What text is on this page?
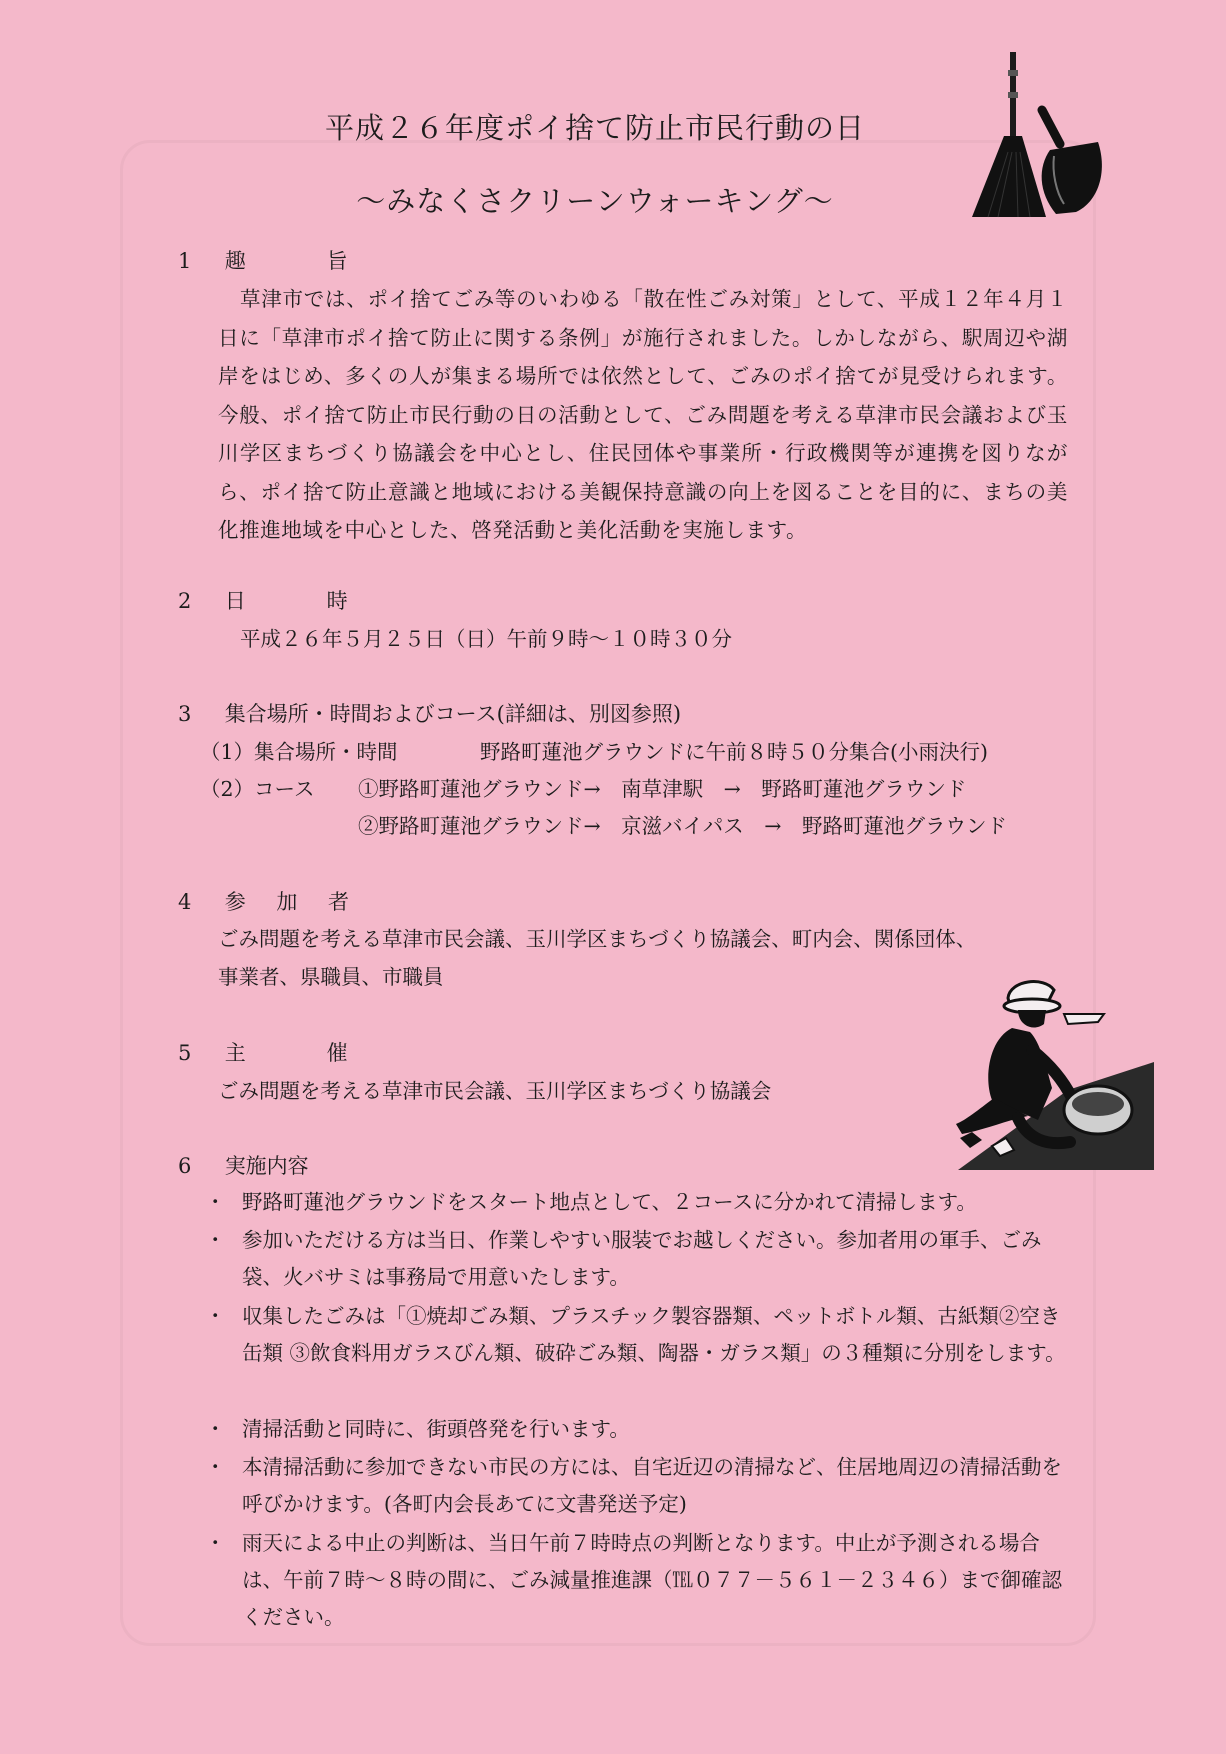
平成２６年度ポイ捨て防止市民行動の日
～みなくさクリーンウォーキング～
1 趣　旨
草津市では、ポイ捨てごみ等のいわゆる「散在性ごみ対策」として、平成１２年４月１日に「草津市ポイ捨て防止に関する条例」が施行されました。しかしながら、駅周辺や湖岸をはじめ、多くの人が集まる場所では依然として、ごみのポイ捨てが見受けられます。今般、ポイ捨て防止市民行動の日の活動として、ごみ問題を考える草津市民会議および玉川学区まちづくり協議会を中心とし、住民団体や事業所・行政機関等が連携を図りながら、ポイ捨て防止意識と地域における美観保持意識の向上を図ることを目的に、まちの美化推進地域を中心とした、啓発活動と美化活動を実施します。
2 日　時
平成２６年５月２５日（日）午前９時～１０時３０分
3 集合場所・時間およびコース(詳細は、別図参照)
（1）集合場所・時間	野路町蓮池グラウンドに午前８時５０分集合(小雨決行)
（2）コース ①野路町蓮池グラウンド→　南草津駅　→　野路町蓮池グラウンド
②野路町蓮池グラウンド→　京滋バイパス　→　野路町蓮池グラウンド
4 参 加 者
ごみ問題を考える草津市民会議、玉川学区まちづくり協議会、町内会、関係団体、
事業者、県職員、市職員
5 主　催
ごみ問題を考える草津市民会議、玉川学区まちづくり協議会
6 実施内容
・ 野路町蓮池グラウンドをスタート地点として、２コースに分かれて清掃します。
・ 参加いただける方は当日、作業しやすい服装でお越しください。参加者用の軍手、ごみ袋、火バサミは事務局で用意いたします。
・ 収集したごみは「①焼却ごみ類、プラスチック製容器類、ペットボトル類、古紙類②空き缶類 ③飲食料用ガラスびん類、破砕ごみ類、陶器・ガラス類」の３種類に分別をします。
・ 清掃活動と同時に、街頭啓発を行います。
・ 本清掃活動に参加できない市民の方には、自宅近辺の清掃など、住居地周辺の清掃活動を呼びかけます。(各町内会長あてに文書発送予定)
・ 雨天による中止の判断は、当日午前７時時点の判断となります。中止が予測される場合は、午前７時～８時の間に、ごみ減量推進課（℡０７７－５６１－２３４６）まで御確認ください。
